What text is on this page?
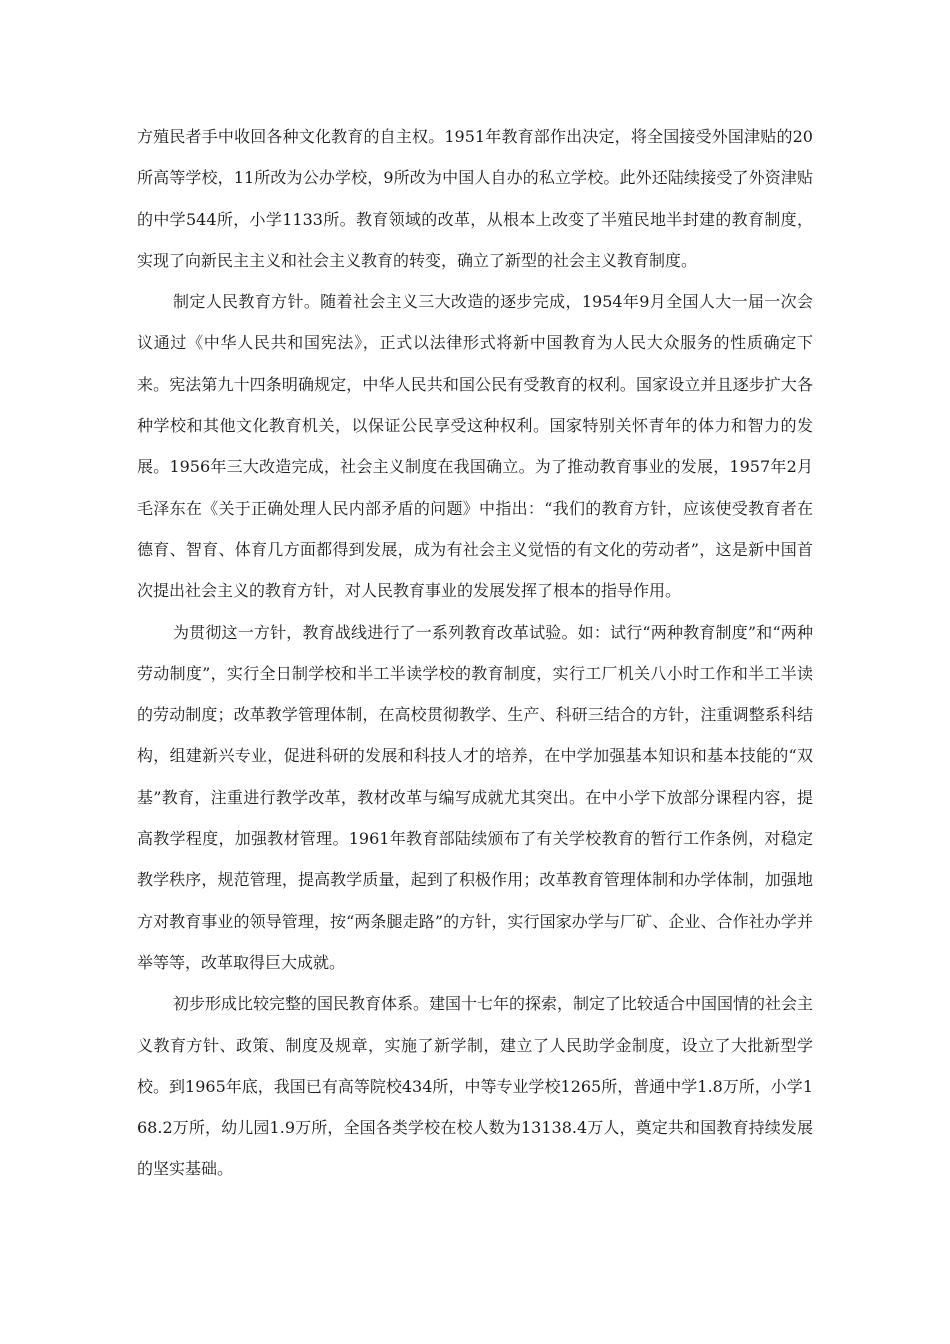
方殖民者手中收回各种文化教育的自主权。1951年教育部作出决定，将全国接受外国津贴的20所高等学校，11所改为公办学校，9所改为中国人自办的私立学校。此外还陆续接受了外资津贴的中学544所，小学1133所。教育领域的改革，从根本上改变了半殖民地半封建的教育制度，实现了向新民主主义和社会主义教育的转变，确立了新型的社会主义教育制度。

制定人民教育方针。随着社会主义三大改造的逐步完成，1954年9月全国人大一届一次会议通过《中华人民共和国宪法》，正式以法律形式将新中国教育为人民大众服务的性质确定下来。宪法第九十四条明确规定，中华人民共和国公民有受教育的权利。国家设立并且逐步扩大各种学校和其他文化教育机关，以保证公民享受这种权利。国家特别关怀青年的体力和智力的发展。1956年三大改造完成，社会主义制度在我国确立。为了推动教育事业的发展，1957年2月毛泽东在《关于正确处理人民内部矛盾的问题》中指出：“我们的教育方针，应该使受教育者在德育、智育、体育几方面都得到发展，成为有社会主义觉悟的有文化的劳动者”，这是新中国首次提出社会主义的教育方针，对人民教育事业的发展发挥了根本的指导作用。

为贯彻这一方针，教育战线进行了一系列教育改革试验。如：试行“两种教育制度”和“两种劳动制度”，实行全日制学校和半工半读学校的教育制度，实行工厂机关八小时工作和半工半读的劳动制度；改革教学管理体制，在高校贯彻教学、生产、科研三结合的方针，注重调整系科结构，组建新兴专业，促进科研的发展和科技人才的培养，在中学加强基本知识和基本技能的“双基”教育，注重进行教学改革，教材改革与编写成就尤其突出。在中小学下放部分课程内容，提高教学程度，加强教材管理。1961年教育部陆续颁布了有关学校教育的暂行工作条例，对稳定教学秩序，规范管理，提高教学质量，起到了积极作用；改革教育管理体制和办学体制，加强地方对教育事业的领导管理，按“两条腿走路”的方针，实行国家办学与厂矿、企业、合作社办学并举等等，改革取得巨大成就。

初步形成比较完整的国民教育体系。建国十七年的探索，制定了比较适合中国国情的社会主义教育方针、政策、制度及规章，实施了新学制，建立了人民助学金制度，设立了大批新型学校。到1965年底，我国已有高等院校434所，中等专业学校1265所，普通中学1.8万所，小学168.2万所，幼儿园1.9万所，全国各类学校在校人数为13138.4万人，奠定共和国教育持续发展的坚实基础。
